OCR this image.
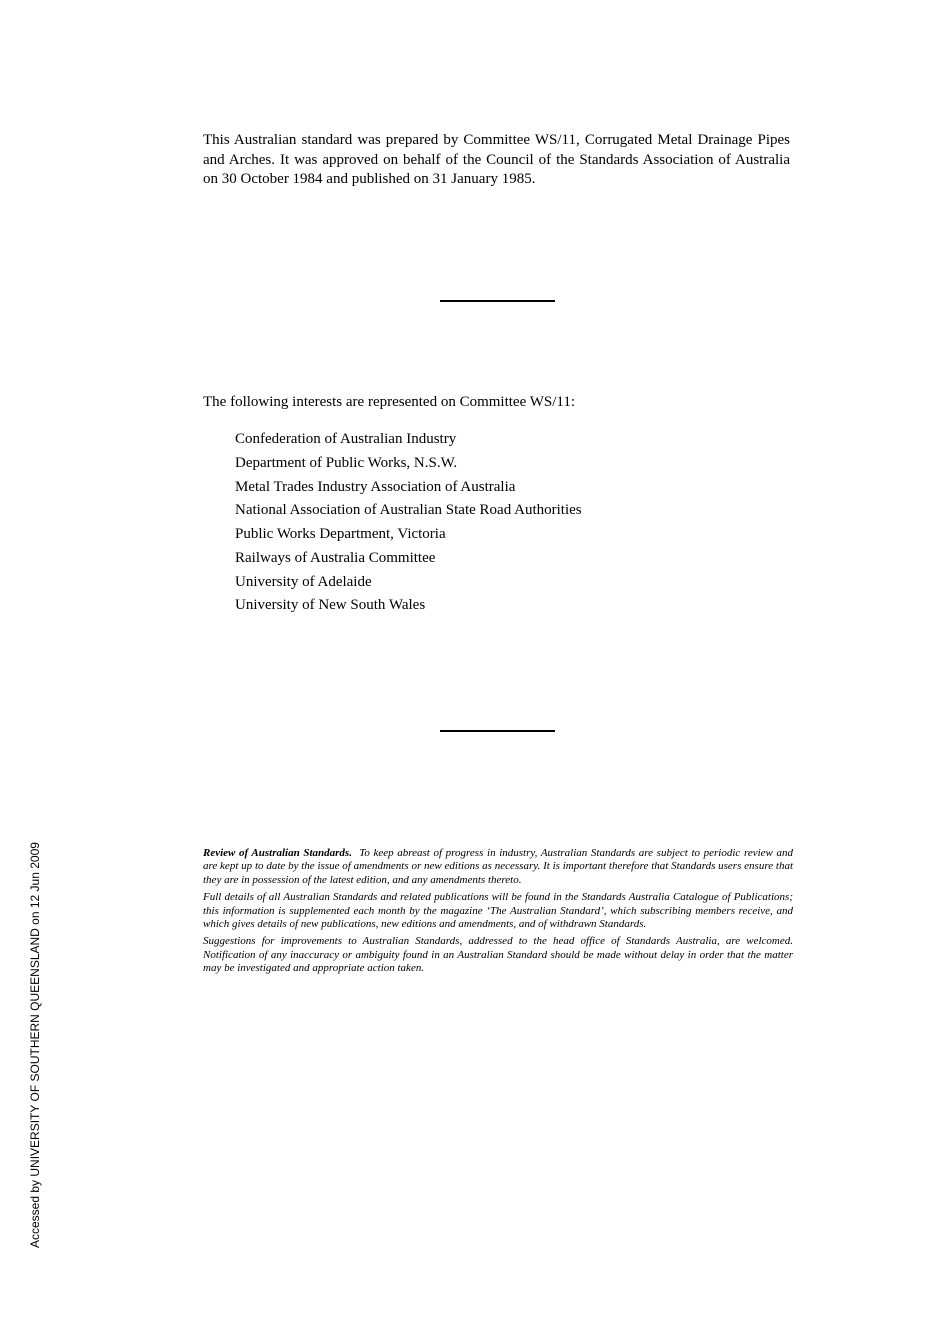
This Australian standard was prepared by Committee WS/11, Corrugated Metal Drainage Pipes and Arches. It was approved on behalf of the Council of the Standards Association of Australia on 30 October 1984 and published on 31 January 1985.

The following interests are represented on Committee WS/11:

Confederation of Australian Industry
Department of Public Works, N.S.W.
Metal Trades Industry Association of Australia
National Association of Australian State Road Authorities
Public Works Department, Victoria
Railways of Australia Committee
University of Adelaide
University of New South Wales

Review of Australian Standards. To keep abreast of progress in industry, Australian Standards are subject to periodic review and are kept up to date by the issue of amendments or new editions as necessary. It is important therefore that Standards users ensure that they are in possession of the latest edition, and any amendments thereto.

Full details of all Australian Standards and related publications will be found in the Standards Australia Catalogue of Publications; this information is supplemented each month by the magazine ‘The Australian Standard’, which subscribing members receive, and which gives details of new publications, new editions and amendments, and of withdrawn Standards.

Suggestions for improvements to Australian Standards, addressed to the head office of Standards Australia, are welcomed. Notification of any inaccuracy or ambiguity found in an Australian Standard should be made without delay in order that the matter may be investigated and appropriate action taken.

Accessed by UNIVERSITY OF SOUTHERN QUEENSLAND on 12 Jun 2009
